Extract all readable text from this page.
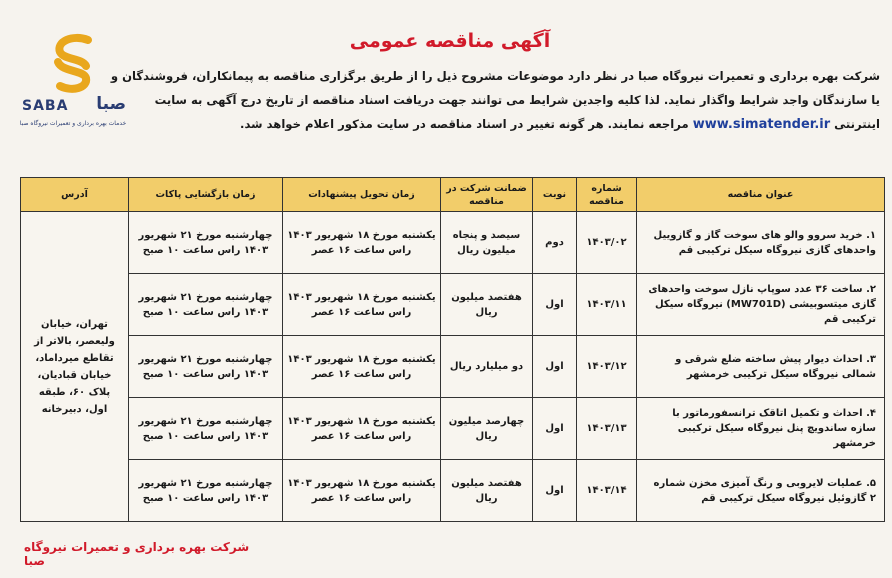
SABA	صبا
خدمات بهره برداری و تعمیرات نیروگاه صبا
آگهی مناقصه عمومی
شرکت بهره برداری و تعمیرات نیروگاه صبا در نظر دارد موضوعات مشروح ذیل را از طریق برگزاری مناقصه به پیمانکاران، فروشندگان و
یا سازندگان واجد شرایط واگذار نماید. لذا کلیه واجدین شرایط می توانند جهت دریافت اسناد مناقصه از تاریخ درج آگهی به سایت
اینترنتی www.simatender.ir مراجعه نمایند. هر گونه تغییر در اسناد مناقصه در سایت مذکور اعلام خواهد شد.
عنوان مناقصه	شماره مناقصه	نوبت	ضمانت شرکت در مناقصه	زمان تحویل پیشنهادات	زمان بازگشایی پاکات	آدرس
۱. خرید سروو والو های سوخت گاز و گازوییل واحدهای گازی نیروگاه سیکل ترکیبی قم	۱۴۰۳/۰۲	دوم	سیصد و پنجاه میلیون ریال	یکشنبه مورخ ۱۸ شهریور ۱۴۰۳ راس ساعت ۱۶ عصر	چهارشنبه مورخ ۲۱ شهریور ۱۴۰۳ راس ساعت ۱۰ صبح	تهران، خیابان ولیعصر، بالاتر از تقاطع میرداماد، خیابان قبادیان، پلاک ۶۰، طبقه اول، دبیرخانه
۲. ساخت ۳۶ عدد سوپاپ نازل سوخت واحدهای گازی میتسوبیشی (MW701D) نیروگاه سیکل ترکیبی قم	۱۴۰۳/۱۱	اول	هفتصد میلیون ریال	یکشنبه مورخ ۱۸ شهریور ۱۴۰۳ راس ساعت ۱۶ عصر	چهارشنبه مورخ ۲۱ شهریور ۱۴۰۳ راس ساعت ۱۰ صبح	
۳. احداث دیوار پیش ساخته ضلع شرقی و شمالی نیروگاه سیکل ترکیبی خرمشهر	۱۴۰۳/۱۲	اول	دو میلیارد ریال	یکشنبه مورخ ۱۸ شهریور ۱۴۰۳ راس ساعت ۱۶ عصر	چهارشنبه مورخ ۲۱ شهریور ۱۴۰۳ راس ساعت ۱۰ صبح	
۴. احداث و تکمیل اتاقک ترانسفورماتور با سازه ساندویچ پنل نیروگاه سیکل ترکیبی خرمشهر	۱۴۰۳/۱۳	اول	چهارصد میلیون ریال	یکشنبه مورخ ۱۸ شهریور ۱۴۰۳ راس ساعت ۱۶ عصر	چهارشنبه مورخ ۲۱ شهریور ۱۴۰۳ راس ساعت ۱۰ صبح	
۵. عملیات لایروبی و رنگ آمیزی مخزن شماره ۲ گازوئیل نیروگاه سیکل ترکیبی قم	۱۴۰۳/۱۴	اول	هفتصد میلیون ریال	یکشنبه مورخ ۱۸ شهریور ۱۴۰۳ راس ساعت ۱۶ عصر	چهارشنبه مورخ ۲۱ شهریور ۱۴۰۳ راس ساعت ۱۰ صبح	
شرکت بهره برداری و تعمیرات نیروگاه صبا
